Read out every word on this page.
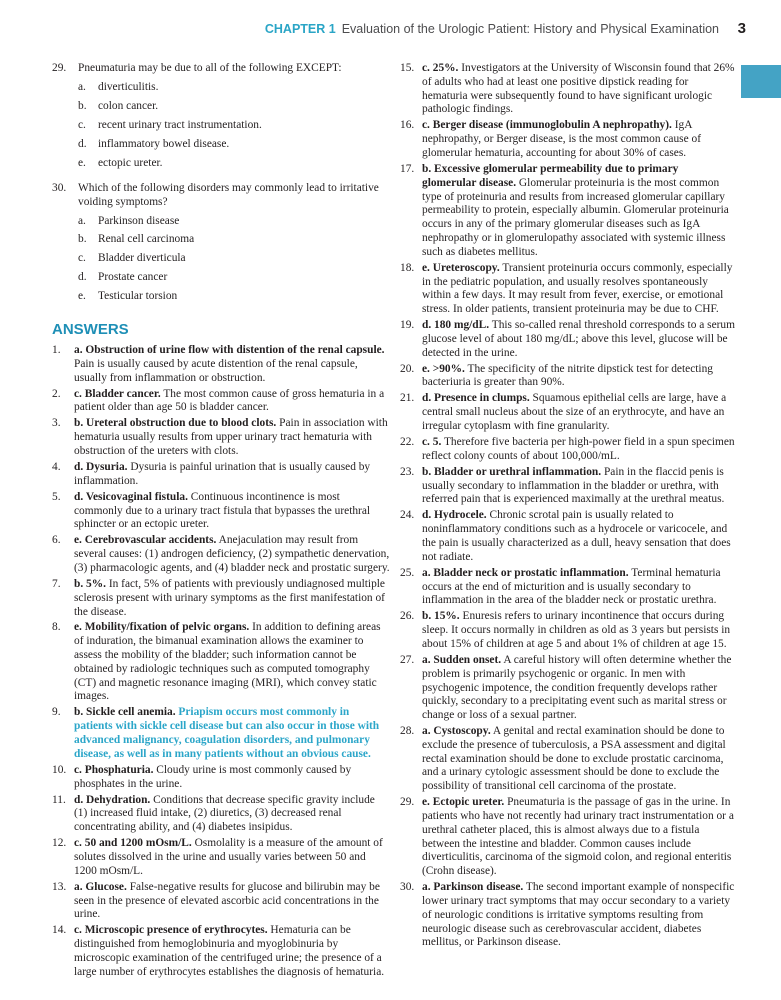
CHAPTER 1 Evaluation of the Urologic Patient: History and Physical Examination 3
29. Pneumaturia may be due to all of the following EXCEPT:
a. diverticulitis.
b. colon cancer.
c. recent urinary tract instrumentation.
d. inflammatory bowel disease.
e. ectopic ureter.
30. Which of the following disorders may commonly lead to irritative voiding symptoms?
a. Parkinson disease
b. Renal cell carcinoma
c. Bladder diverticula
d. Prostate cancer
e. Testicular torsion
ANSWERS
1. a. Obstruction of urine flow with distention of the renal capsule. Pain is usually caused by acute distention of the renal capsule, usually from inflammation or obstruction.
2. c. Bladder cancer. The most common cause of gross hematuria in a patient older than age 50 is bladder cancer.
3. b. Ureteral obstruction due to blood clots. Pain in association with hematuria usually results from upper urinary tract hematuria with obstruction of the ureters with clots.
4. d. Dysuria. Dysuria is painful urination that is usually caused by inflammation.
5. d. Vesicovaginal fistula. Continuous incontinence is most commonly due to a urinary tract fistula that bypasses the urethral sphincter or an ectopic ureter.
6. e. Cerebrovascular accidents. Anejaculation may result from several causes: (1) androgen deficiency, (2) sympathetic denervation, (3) pharmacologic agents, and (4) bladder neck and prostatic surgery.
7. b. 5%. In fact, 5% of patients with previously undiagnosed multiple sclerosis present with urinary symptoms as the first manifestation of the disease.
8. e. Mobility/fixation of pelvic organs. In addition to defining areas of induration, the bimanual examination allows the examiner to assess the mobility of the bladder; such information cannot be obtained by radiologic techniques such as computed tomography (CT) and magnetic resonance imaging (MRI), which convey static images.
9. b. Sickle cell anemia. Priapism occurs most commonly in patients with sickle cell disease but can also occur in those with advanced malignancy, coagulation disorders, and pulmonary disease, as well as in many patients without an obvious cause.
10. c. Phosphaturia. Cloudy urine is most commonly caused by phosphates in the urine.
11. d. Dehydration. Conditions that decrease specific gravity include (1) increased fluid intake, (2) diuretics, (3) decreased renal concentrating ability, and (4) diabetes insipidus.
12. c. 50 and 1200 mOsm/L. Osmolality is a measure of the amount of solutes dissolved in the urine and usually varies between 50 and 1200 mOsm/L.
13. a. Glucose. False-negative results for glucose and bilirubin may be seen in the presence of elevated ascorbic acid concentrations in the urine.
14. c. Microscopic presence of erythrocytes. Hematuria can be distinguished from hemoglobinuria and myoglobinuria by microscopic examination of the centrifuged urine; the presence of a large number of erythrocytes establishes the diagnosis of hematuria.
15. c. 25%. Investigators at the University of Wisconsin found that 26% of adults who had at least one positive dipstick reading for hematuria were subsequently found to have significant urologic pathologic findings.
16. c. Berger disease (immunoglobulin A nephropathy). IgA nephropathy, or Berger disease, is the most common cause of glomerular hematuria, accounting for about 30% of cases.
17. b. Excessive glomerular permeability due to primary glomerular disease. Glomerular proteinuria is the most common type of proteinuria and results from increased glomerular capillary permeability to protein, especially albumin. Glomerular proteinuria occurs in any of the primary glomerular diseases such as IgA nephropathy or in glomerulopathy associated with systemic illness such as diabetes mellitus.
18. e. Ureteroscopy. Transient proteinuria occurs commonly, especially in the pediatric population, and usually resolves spontaneously within a few days. It may result from fever, exercise, or emotional stress. In older patients, transient proteinuria may be due to CHF.
19. d. 180 mg/dL. This so-called renal threshold corresponds to a serum glucose level of about 180 mg/dL; above this level, glucose will be detected in the urine.
20. e. >90%. The specificity of the nitrite dipstick test for detecting bacteriuria is greater than 90%.
21. d. Presence in clumps. Squamous epithelial cells are large, have a central small nucleus about the size of an erythrocyte, and have an irregular cytoplasm with fine granularity.
22. c. 5. Therefore five bacteria per high-power field in a spun specimen reflect colony counts of about 100,000/mL.
23. b. Bladder or urethral inflammation. Pain in the flaccid penis is usually secondary to inflammation in the bladder or urethra, with referred pain that is experienced maximally at the urethral meatus.
24. d. Hydrocele. Chronic scrotal pain is usually related to noninflammatory conditions such as a hydrocele or varicocele, and the pain is usually characterized as a dull, heavy sensation that does not radiate.
25. a. Bladder neck or prostatic inflammation. Terminal hematuria occurs at the end of micturition and is usually secondary to inflammation in the area of the bladder neck or prostatic urethra.
26. b. 15%. Enuresis refers to urinary incontinence that occurs during sleep. It occurs normally in children as old as 3 years but persists in about 15% of children at age 5 and about 1% of children at age 15.
27. a. Sudden onset. A careful history will often determine whether the problem is primarily psychogenic or organic. In men with psychogenic impotence, the condition frequently develops rather quickly, secondary to a precipitating event such as marital stress or change or loss of a sexual partner.
28. a. Cystoscopy. A genital and rectal examination should be done to exclude the presence of tuberculosis, a PSA assessment and digital rectal examination should be done to exclude prostatic carcinoma, and a urinary cytologic assessment should be done to exclude the possibility of transitional cell carcinoma of the prostate.
29. e. Ectopic ureter. Pneumaturia is the passage of gas in the urine. In patients who have not recently had urinary tract instrumentation or a urethral catheter placed, this is almost always due to a fistula between the intestine and bladder. Common causes include diverticulitis, carcinoma of the sigmoid colon, and regional enteritis (Crohn disease).
30. a. Parkinson disease. The second important example of nonspecific lower urinary tract symptoms that may occur secondary to a variety of neurologic conditions is irritative symptoms resulting from neurologic disease such as cerebrovascular accident, diabetes mellitus, or Parkinson disease.
